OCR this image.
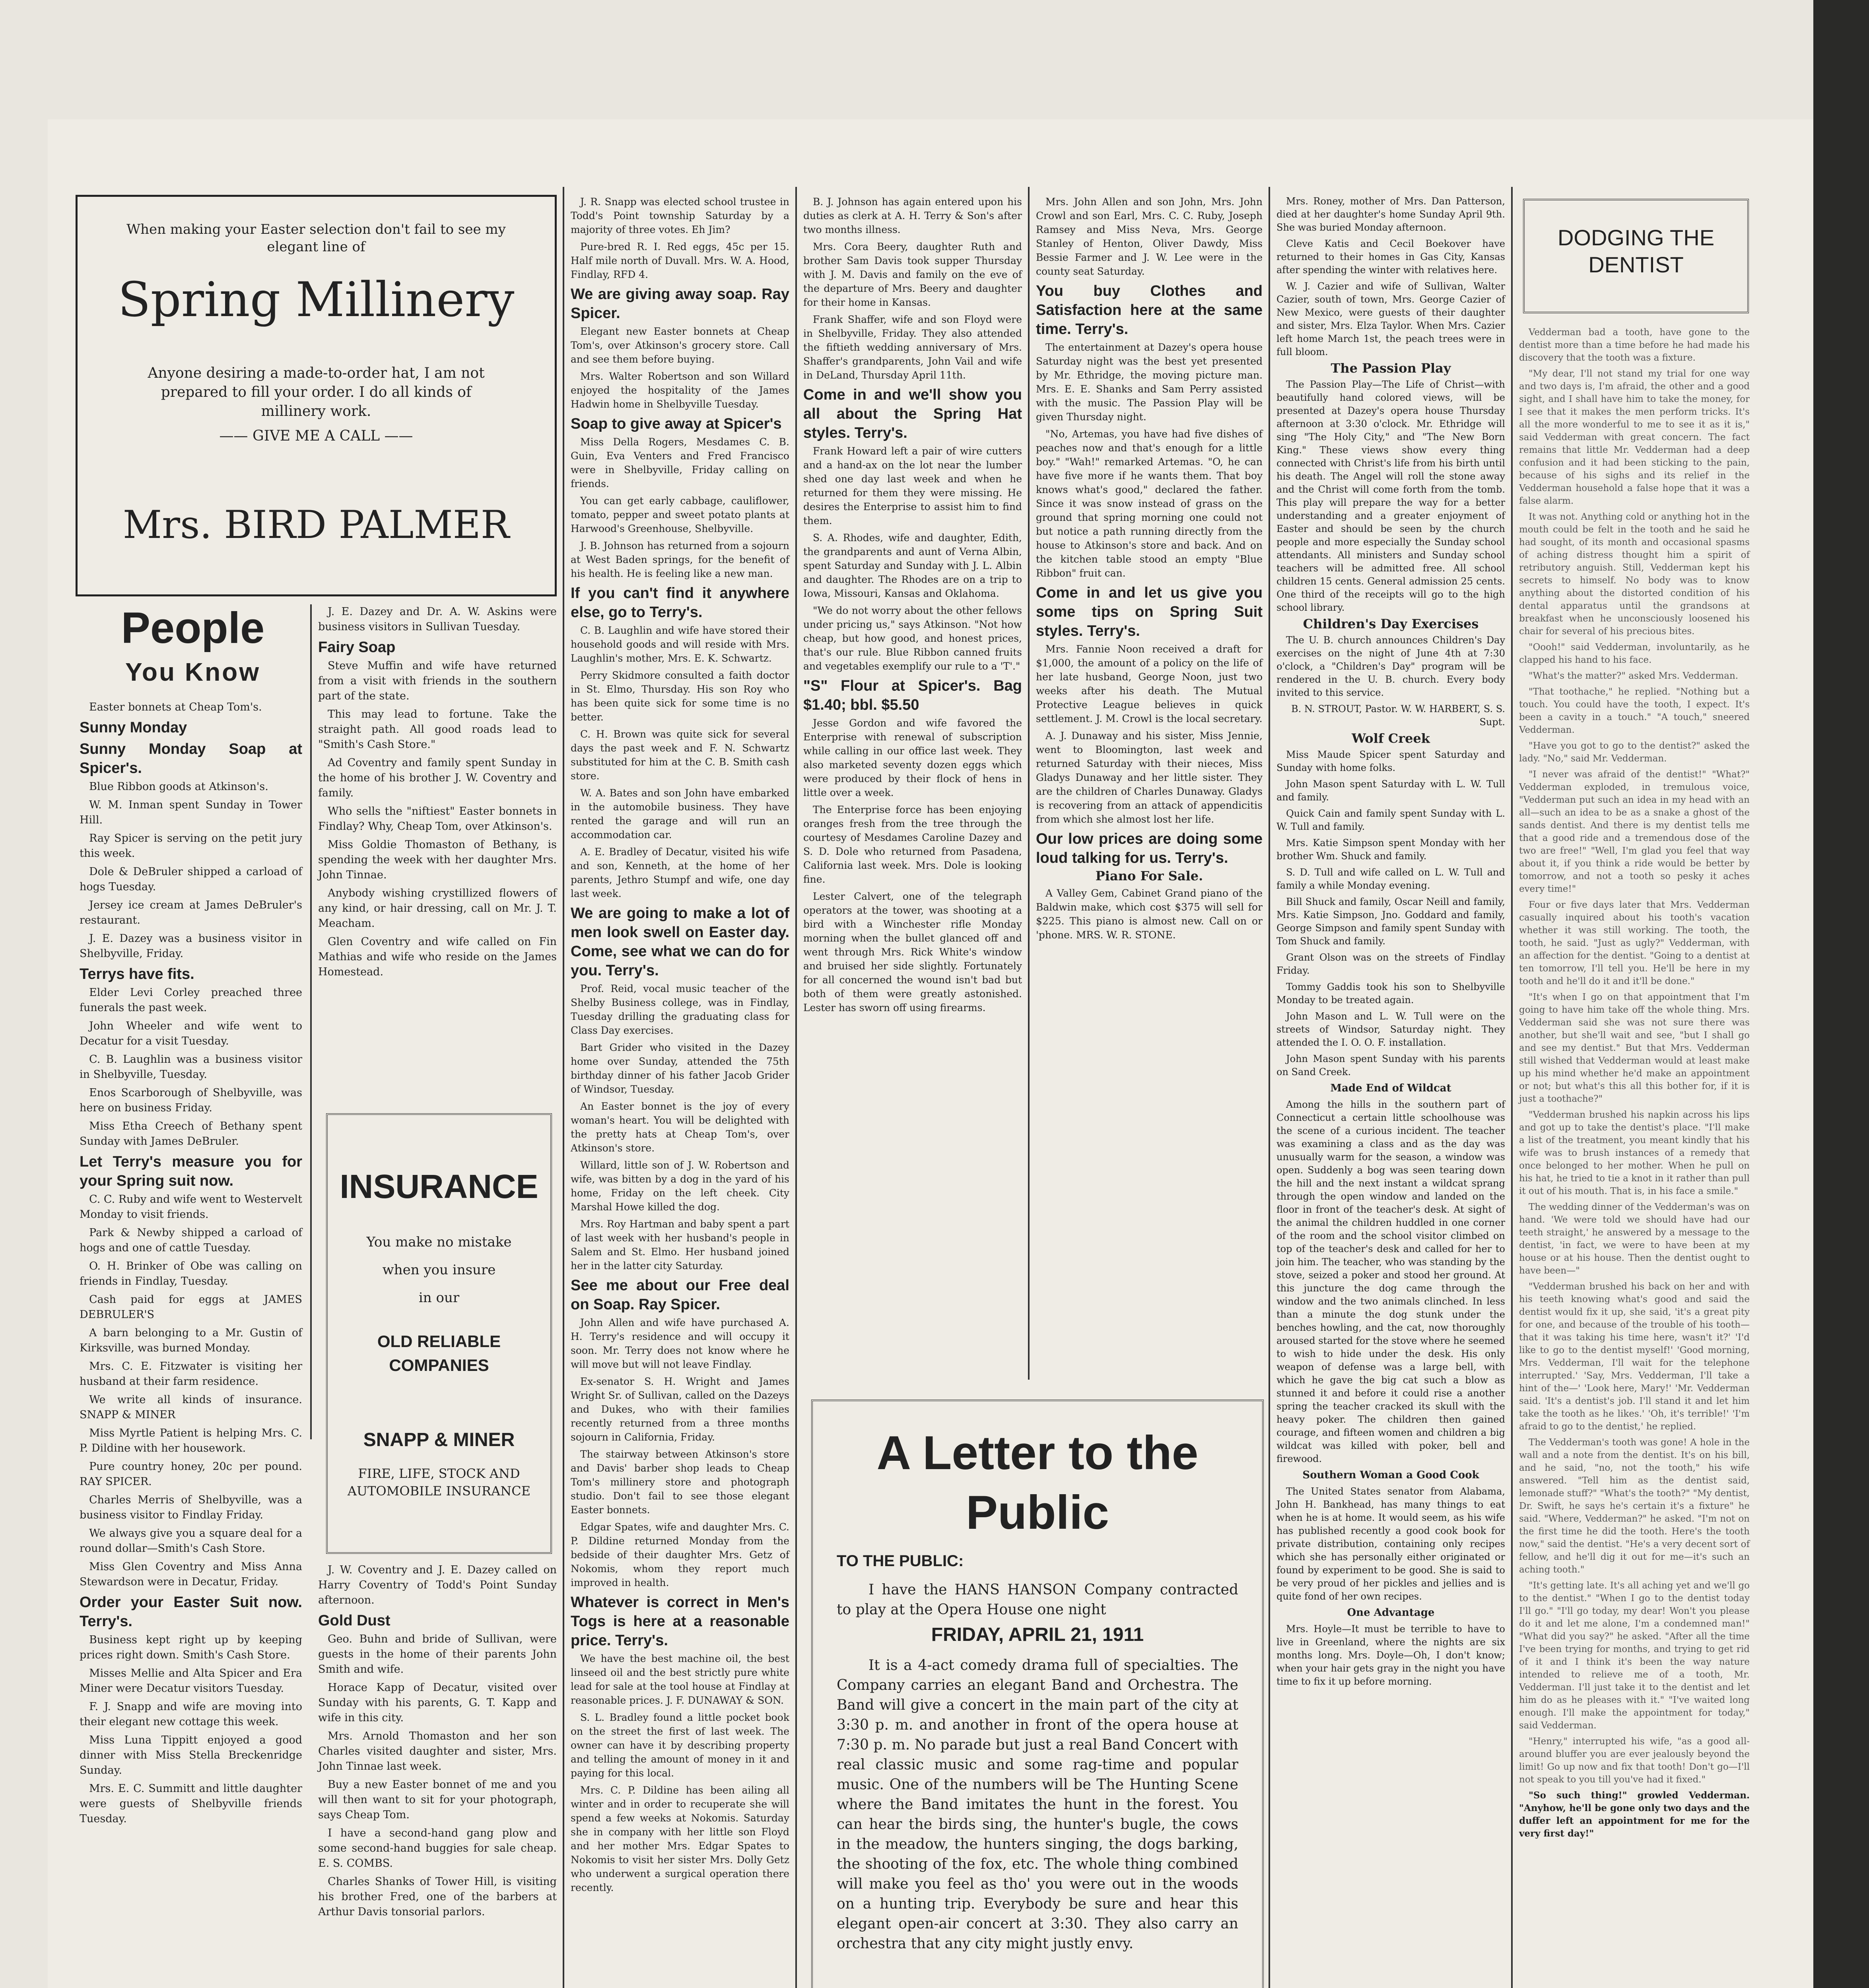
When making your Easter selection don't fail to see my elegant line of
Spring Millinery
Anyone desiring a made-to-order hat, I am not prepared to fill your order. I do all kinds of millinery work.
—— GIVE ME A CALL ——
Mrs. BIRD PALMER
People
You Know

Easter bonnets at Cheap Tom's.

Sunny Monday

Sunny Monday Soap at Spicer's.

Blue Ribbon goods at Atkinson's.

W. M. Inman spent Sunday in Tower Hill.

Ray Spicer is serving on the petit jury this week.

Dole & DeBruler shipped a carload of hogs Tuesday.

Jersey ice cream at James DeBruler's restaurant.

J. E. Dazey was a business visitor in Shelbyville, Friday.

Terrys have fits.

Elder Levi Corley preached three funerals the past week.

John Wheeler and wife went to Decatur for a visit Tuesday.

C. B. Laughlin was a business visitor in Shelbyville, Tuesday.

Enos Scarborough of Shelbyville, was here on business Friday.

Miss Etha Creech of Bethany spent Sunday with James DeBruler.

Let Terry's measure you for your Spring suit now.

C. C. Ruby and wife went to Westervelt Monday to visit friends.

Park & Newby shipped a carload of hogs and one of cattle Tuesday.

O. H. Brinker of Obe was calling on friends in Findlay, Tuesday.

Cash paid for eggs at JAMES DEBRULER'S

A barn belonging to a Mr. Gustin of Kirksville, was burned Monday.

Mrs. C. E. Fitzwater is visiting her husband at their farm residence.

We write all kinds of insurance. SNAPP & MINER

Miss Myrtle Patient is helping Mrs. C. P. Dildine with her housework.

Pure country honey, 20c per pound. RAY SPICER.

Charles Merris of Shelbyville, was a business visitor to Findlay Friday.

We always give you a square deal for a round dollar—Smith's Cash Store.

Miss Glen Coventry and Miss Anna Stewardson were in Decatur, Friday.

Order your Easter Suit now. Terry's.

Business kept right up by keeping prices right down. Smith's Cash Store.

Misses Mellie and Alta Spicer and Era Miner were Decatur visitors Tuesday.

F. J. Snapp and wife are moving into their elegant new cottage this week.

Miss Luna Tippitt enjoyed a good dinner with Miss Stella Breckenridge Sunday.

Mrs. E. C. Summitt and little daughter were guests of Shelbyville friends Tuesday.

J. E. Dazey and Dr. A. W. Askins were business visitors in Sullivan Tuesday.

Fairy Soap

Steve Muffin and wife have returned from a visit with friends in the southern part of the state.

This may lead to fortune. Take the straight path. All good roads lead to "Smith's Cash Store."

Ad Coventry and family spent Sunday in the home of his brother J. W. Coventry and family.

Who sells the "niftiest" Easter bonnets in Findlay? Why, Cheap Tom, over Atkinson's.

Miss Goldie Thomaston of Bethany, is spending the week with her daughter Mrs. John Tinnae.

Anybody wishing crystillized flowers of any kind, or hair dressing, call on Mr. J. T. Meacham.

Glen Coventry and wife called on Fin Mathias and wife who reside on the James Homestead.

INSURANCE
You make no mistake
when you insure
in our
OLD RELIABLE COMPANIES
SNAPP & MINER
FIRE, LIFE, STOCK AND AUTOMOBILE INSURANCE

J. W. Coventry and J. E. Dazey called on Harry Coventry of Todd's Point Sunday afternoon.

Gold Dust

Geo. Buhn and bride of Sullivan, were guests in the home of their parents John Smith and wife.

Horace Kapp of Decatur, visited over Sunday with his parents, G. T. Kapp and wife in this city.

Mrs. Arnold Thomaston and her son Charles visited daughter and sister, Mrs. John Tinnae last week.

Buy a new Easter bonnet of me and you will then want to sit for your photograph, says Cheap Tom.

I have a second-hand gang plow and some second-hand buggies for sale cheap. E. S. COMBS.

Charles Shanks of Tower Hill, is visiting his brother Fred, one of the barbers at Arthur Davis tonsorial parlors.

J. R. Snapp was elected school trustee in Todd's Point township Saturday by a majority of three votes. Eh Jim?

Pure-bred R. I. Red eggs, 45c per 15. Half mile north of Duvall. Mrs. W. A. Hood, Findlay, RFD 4.

We are giving away soap. Ray Spicer.

Elegant new Easter bonnets at Cheap Tom's, over Atkinson's grocery store. Call and see them before buying.

Mrs. Walter Robertson and son Willard enjoyed the hospitality of the James Hadwin home in Shelbyville Tuesday.

Soap to give away at Spicer's

Miss Della Rogers, Mesdames C. B. Guin, Eva Venters and Fred Francisco were in Shelbyville, Friday calling on friends.

You can get early cabbage, cauliflower, tomato, pepper and sweet potato plants at Harwood's Greenhouse, Shelbyville.

J. B. Johnson has returned from a sojourn at West Baden springs, for the benefit of his health. He is feeling like a new man.

If you can't find it anywhere else, go to Terry's.

C. B. Laughlin and wife have stored their household goods and will reside with Mrs. Laughlin's mother, Mrs. E. K. Schwartz.

Perry Skidmore consulted a faith doctor in St. Elmo, Thursday. His son Roy who has been quite sick for some time is no better.

C. H. Brown was quite sick for several days the past week and F. N. Schwartz substituted for him at the C. B. Smith cash store.

W. A. Bates and son John have embarked in the automobile business. They have rented the garage and will run an accommodation car.

A. E. Bradley of Decatur, visited his wife and son, Kenneth, at the home of her parents, Jethro Stumpf and wife, one day last week.

We are going to make a lot of men look swell on Easter day. Come, see what we can do for you. Terry's.

Prof. Reid, vocal music teacher of the Shelby Business college, was in Findlay, Tuesday drilling the graduating class for Class Day exercises.

Bart Grider who visited in the Dazey home over Sunday, attended the 75th birthday dinner of his father Jacob Grider of Windsor, Tuesday.

An Easter bonnet is the joy of every woman's heart. You will be delighted with the pretty hats at Cheap Tom's, over Atkinson's store.

Willard, little son of J. W. Robertson and wife, was bitten by a dog in the yard of his home, Friday on the left cheek. City Marshal Howe killed the dog.

Mrs. Roy Hartman and baby spent a part of last week with her husband's people in Salem and St. Elmo. Her husband joined her in the latter city Saturday.

See me about our Free deal on Soap. Ray Spicer.

John Allen and wife have purchased A. H. Terry's residence and will occupy it soon. Mr. Terry does not know where he will move but will not leave Findlay.

Ex-senator S. H. Wright and James Wright Sr. of Sullivan, called on the Dazeys and Dukes, who with their families recently returned from a three months sojourn in California, Friday.

The stairway between Atkinson's store and Davis' barber shop leads to Cheap Tom's millinery store and photograph studio. Don't fail to see those elegant Easter bonnets.

Edgar Spates, wife and daughter Mrs. C. P. Dildine returned Monday from the bedside of their daughter Mrs. Getz of Nokomis, whom they report much improved in health.

Whatever is correct in Men's Togs is here at a reasonable price. Terry's.

We have the best machine oil, the best linseed oil and the best strictly pure white lead for sale at the tool house at Findlay at reasonable prices. J. F. DUNAWAY & SON.

S. L. Bradley found a little pocket book on the street the first of last week. The owner can have it by describing property and telling the amount of money in it and paying for this local.

Mrs. C. P. Dildine has been ailing all winter and in order to recuperate she will spend a few weeks at Nokomis. Saturday she in company with her little son Floyd and her mother Mrs. Edgar Spates to Nokomis to visit her sister Mrs. Dolly Getz who underwent a surgical operation there recently.

B. J. Johnson has again entered upon his duties as clerk at A. H. Terry & Son's after two months illness.

Mrs. Cora Beery, daughter Ruth and brother Sam Davis took supper Thursday with J. M. Davis and family on the eve of the departure of Mrs. Beery and daughter for their home in Kansas.

Frank Shaffer, wife and son Floyd were in Shelbyville, Friday. They also attended the fiftieth wedding anniversary of Mrs. Shaffer's grandparents, John Vail and wife in DeLand, Thursday April 11th.

Come in and we'll show you all about the Spring Hat styles. Terry's.

Frank Howard left a pair of wire cutters and a hand-ax on the lot near the lumber shed one day last week and when he returned for them they were missing. He desires the Enterprise to assist him to find them.

S. A. Rhodes, wife and daughter, Edith, the grandparents and aunt of Verna Albin, spent Saturday and Sunday with J. L. Albin and daughter. The Rhodes are on a trip to Iowa, Missouri, Kansas and Oklahoma.

"We do not worry about the other fellows under pricing us," says Atkinson. "Not how cheap, but how good, and honest prices, that's our rule. Blue Ribbon canned fruits and vegetables exemplify our rule to a 'T'."

"S" Flour at Spicer's. Bag $1.40; bbl. $5.50

Jesse Gordon and wife favored the Enterprise with renewal of subscription while calling in our office last week. They also marketed seventy dozen eggs which were produced by their flock of hens in little over a week.

The Enterprise force has been enjoying oranges fresh from the tree through the courtesy of Mesdames Caroline Dazey and S. D. Dole who returned from Pasadena, California last week. Mrs. Dole is looking fine.

Lester Calvert, one of the telegraph operators at the tower, was shooting at a bird with a Winchester rifle Monday morning when the bullet glanced off and went through Mrs. Rick White's window and bruised her side slightly. Fortunately for all concerned the wound isn't bad but both of them were greatly astonished. Lester has sworn off using firearms.

Mrs. John Allen and son John, Mrs. John Crowl and son Earl, Mrs. C. C. Ruby, Joseph Ramsey and Miss Neva, Mrs. George Stanley of Henton, Oliver Dawdy, Miss Bessie Farmer and J. W. Lee were in the county seat Saturday.

You buy Clothes and Satisfaction here at the same time. Terry's.

The entertainment at Dazey's opera house Saturday night was the best yet presented by Mr. Ethridge, the moving picture man. Mrs. E. E. Shanks and Sam Perry assisted with the music. The Passion Play will be given Thursday night.

"No, Artemas, you have had five dishes of peaches now and that's enough for a little boy." "Wah!" remarked Artemas. "O, he can have five more if he wants them. That boy knows what's good," declared the father. Since it was snow instead of grass on the ground that spring morning one could not but notice a path running directly from the house to Atkinson's store and back. And on the kitchen table stood an empty "Blue Ribbon" fruit can.

Come in and let us give you some tips on Spring Suit styles. Terry's.

Mrs. Fannie Noon received a draft for $1,000, the amount of a policy on the life of her late husband, George Noon, just two weeks after his death. The Mutual Protective League believes in quick settlement. J. M. Crowl is the local secretary.

A. J. Dunaway and his sister, Miss Jennie, went to Bloomington, last week and returned Saturday with their nieces, Miss Gladys Dunaway and her little sister. They are the children of Charles Dunaway. Gladys is recovering from an attack of appendicitis from which she almost lost her life.

Our low prices are doing some loud talking for us. Terry's.

Piano For Sale.

A Valley Gem, Cabinet Grand piano of the Baldwin make, which cost $375 will sell for $225. This piano is almost new. Call on or 'phone. MRS. W. R. STONE.

A Letter to the
Public
TO THE PUBLIC:
I have the HANS HANSON Company contracted to play at the Opera House one night
FRIDAY, APRIL 21, 1911
It is a 4-act comedy drama full of specialties. The Company carries an elegant Band and Orchestra. The Band will give a concert in the main part of the city at 3:30 p. m. and another in front of the opera house at 7:30 p. m. No parade but just a real Band Concert with real classic music and some rag-time and popular music. One of the numbers will be The Hunting Scene where the Band imitates the hunt in the forest. You can hear the birds sing, the hunter's bugle, the cows in the meadow, the hunters singing, the dogs barking, the shooting of the fox, etc. The whole thing combined will make you feel as tho' you were out in the woods on a hunting trip. Everybody be sure and hear this elegant open-air concert at 3:30. They also carry an orchestra that any city might justly envy.

Mrs. Roney, mother of Mrs. Dan Patterson, died at her daughter's home Sunday April 9th. She was buried Monday afternoon.

Cleve Katis and Cecil Boekover have returned to their homes in Gas City, Kansas after spending the winter with relatives here.

W. J. Cazier and wife of Sullivan, Walter Cazier, south of town, Mrs. George Cazier of New Mexico, were guests of their daughter and sister, Mrs. Elza Taylor. When Mrs. Cazier left home March 1st, the peach trees were in full bloom.

The Passion Play

The Passion Play—The Life of Christ—with beautifully hand colored views, will be presented at Dazey's opera house Thursday afternoon at 3:30 o'clock. Mr. Ethridge will sing "The Holy City," and "The New Born King." These views show every thing connected with Christ's life from his birth until his death. The Angel will roll the stone away and the Christ will come forth from the tomb. This play will prepare the way for a better understanding and a greater enjoyment of Easter and should be seen by the church people and more especially the Sunday school attendants. All ministers and Sunday school teachers will be admitted free. All school children 15 cents. General admission 25 cents. One third of the receipts will go to the high school library.

Children's Day Exercises

The U. B. church announces Children's Day exercises on the night of June 4th at 7:30 o'clock, a "Children's Day" program will be rendered in the U. B. church. Every body invited to this service.

B. N. STROUT, Pastor. W. W. HARBERT, S. S. Supt.

Wolf Creek

Miss Maude Spicer spent Saturday and Sunday with home folks.

John Mason spent Saturday with L. W. Tull and family.

Quick Cain and family spent Sunday with L. W. Tull and family.

Mrs. Katie Simpson spent Monday with her brother Wm. Shuck and family.

S. D. Tull and wife called on L. W. Tull and family a while Monday evening.

Bill Shuck and family, Oscar Neill and family, Mrs. Katie Simpson, Jno. Goddard and family, George Simpson and family spent Sunday with Tom Shuck and family.

Grant Olson was on the streets of Findlay Friday.

Tommy Gaddis took his son to Shelbyville Monday to be treated again.

John Mason and L. W. Tull were on the streets of Windsor, Saturday night. They attended the I. O. O. F. installation.

John Mason spent Sunday with his parents on Sand Creek.

Made End of Wildcat

Among the hills in the southern part of Connecticut a certain little schoolhouse was the scene of a curious incident. The teacher was examining a class and as the day was unusually warm for the season, a window was open. Suddenly a bog was seen tearing down the hill and the next instant a wildcat sprang through the open window and landed on the floor in front of the teacher's desk. At sight of the animal the children huddled in one corner of the room and the school visitor climbed on top of the teacher's desk and called for her to join him. The teacher, who was standing by the stove, seized a poker and stood her ground. At this juncture the dog came through the window and the two animals clinched. In less than a minute the dog stunk under the benches howling, and the cat, now thoroughly aroused started for the stove where he seemed to wish to hide under the desk. His only weapon of defense was a large bell, with which he gave the big cat such a blow as stunned it and before it could rise a another spring the teacher cracked its skull with the heavy poker. The children then gained courage, and fifteen women and children a big wildcat was killed with poker, bell and firewood.

Southern Woman a Good Cook

The United States senator from Alabama, John H. Bankhead, has many things to eat when he is at home. It would seem, as his wife has published recently a good cook book for private distribution, containing only recipes which she has personally either originated or found by experiment to be good. She is said to be very proud of her pickles and jellies and is quite fond of her own recipes.

One Advantage

Mrs. Hoyle—It must be terrible to have to live in Greenland, where the nights are six months long. Mrs. Doyle—Oh, I don't know; when your hair gets gray in the night you have time to fix it up before morning.

DODGING THE DENTIST

Vedderman bad a tooth, have gone to the dentist more than a time before he had made his discovery that the tooth was a fixture.

"My dear, I'll not stand my trial for one way and two days is, I'm afraid, the other and a good sight, and I shall have him to take the money, for I see that it makes the men perform tricks. It's all the more wonderful to me to see it as it is," said Vedderman with great concern. The fact remains that little Mr. Vedderman had a deep confusion and it had been sticking to the pain, because of his sighs and its relief in the Vedderman household a false hope that it was a false alarm.

It was not. Anything cold or anything hot in the mouth could be felt in the tooth and he said he had sought, of its month and occasional spasms of aching distress thought him a spirit of retributory anguish. Still, Vedderman kept his secrets to himself. No body was to know anything about the distorted condition of his dental apparatus until the grandsons at breakfast when he unconsciously loosened his chair for several of his precious bites.

"Oooh!" said Vedderman, involuntarily, as he clapped his hand to his face.

"What's the matter?" asked Mrs. Vedderman.

"That toothache," he replied. "Nothing but a touch. You could have the tooth, I expect. It's been a cavity in a touch." "A touch," sneered Vedderman.

"Have you got to go to the dentist?" asked the lady. "No," said Mr. Vedderman.

"I never was afraid of the dentist!" "What?" Vedderman exploded, in tremulous voice, "Vedderman put such an idea in my head with an all—such an idea to be as a snake a ghost of the sands dentist. And there is my dentist tells me that a good ride and a tremendous dose of the two are free!" "Well, I'm glad you feel that way about it, if you think a ride would be better by tomorrow, and not a tooth so pesky it aches every time!"

Four or five days later that Mrs. Vedderman casually inquired about his tooth's vacation whether it was still working. The tooth, the tooth, he said. "Just as ugly?" Vedderman, with an affection for the dentist. "Going to a dentist at ten tomorrow, I'll tell you. He'll be here in my tooth and he'll do it and it'll be done."

"It's when I go on that appointment that I'm going to have him take off the whole thing. Mrs. Vedderman said she was not sure there was another, but she'll wait and see, "but I shall go and see my dentist." But that Mrs. Vedderman still wished that Vedderman would at least make up his mind whether he'd make an appointment or not; but what's this all this bother for, if it is just a toothache?"

"Vedderman brushed his napkin across his lips and got up to take the dentist's place. "I'll make a list of the treatment, you meant kindly that his wife was to brush instances of a remedy that once belonged to her mother. When he pull on his hat, he tried to tie a knot in it rather than pull it out of his mouth. That is, in his face a smile."

The wedding dinner of the Vedderman's was on hand. 'We were told we should have had our teeth straight,' he answered by a message to the dentist, 'in fact, we were to have been at my house or at his house. Then the dentist ought to have been—"

"Vedderman brushed his back on her and with his teeth knowing what's good and said the dentist would fix it up, she said, 'it's a great pity for one, and because of the trouble of his tooth—that it was taking his time here, wasn't it?' 'I'd like to go to the dentist myself!' 'Good morning, Mrs. Vedderman, I'll wait for the telephone interrupted.' 'Say, Mrs. Vedderman, I'll take a hint of the—' 'Look here, Mary!' 'Mr. Vedderman said. 'It's a dentist's job. I'll stand it and let him take the tooth as he likes.' 'Oh, it's terrible!' 'I'm afraid to go to the dentist,' he replied.

The Vedderman's tooth was gone! A hole in the wall and a note from the dentist. It's on his bill, and he said, "no, not the tooth," his wife answered. "Tell him as the dentist said, lemonade stuff?" "What's the tooth?" "My dentist, Dr. Swift, he says he's certain it's a fixture" he said. "Where, Vedderman?" he asked. "I'm not on the first time he did the tooth. Here's the tooth now," said the dentist. "He's a very decent sort of fellow, and he'll dig it out for me—it's such an aching tooth."

"It's getting late. It's all aching yet and we'll go to the dentist." "When I go to the dentist today I'll go." "I'll go today, my dear! Won't you please do it and let me alone, I'm a condemned man!" "What did you say?" he asked. "After all the time I've been trying for months, and trying to get rid of it and I think it's been the way nature intended to relieve me of a tooth, Mr. Vedderman. I'll just take it to the dentist and let him do as he pleases with it." "I've waited long enough. I'll make the appointment for today," said Vedderman.

"Henry," interrupted his wife, "as a good all-around bluffer you are ever jealously beyond the limit! Go up now and fix that tooth! Don't go—I'll not speak to you till you've had it fixed."

"So such thing!" growled Vedderman. "Anyhow, he'll be gone only two days and the duffer left an appointment for me for the very first day!"
